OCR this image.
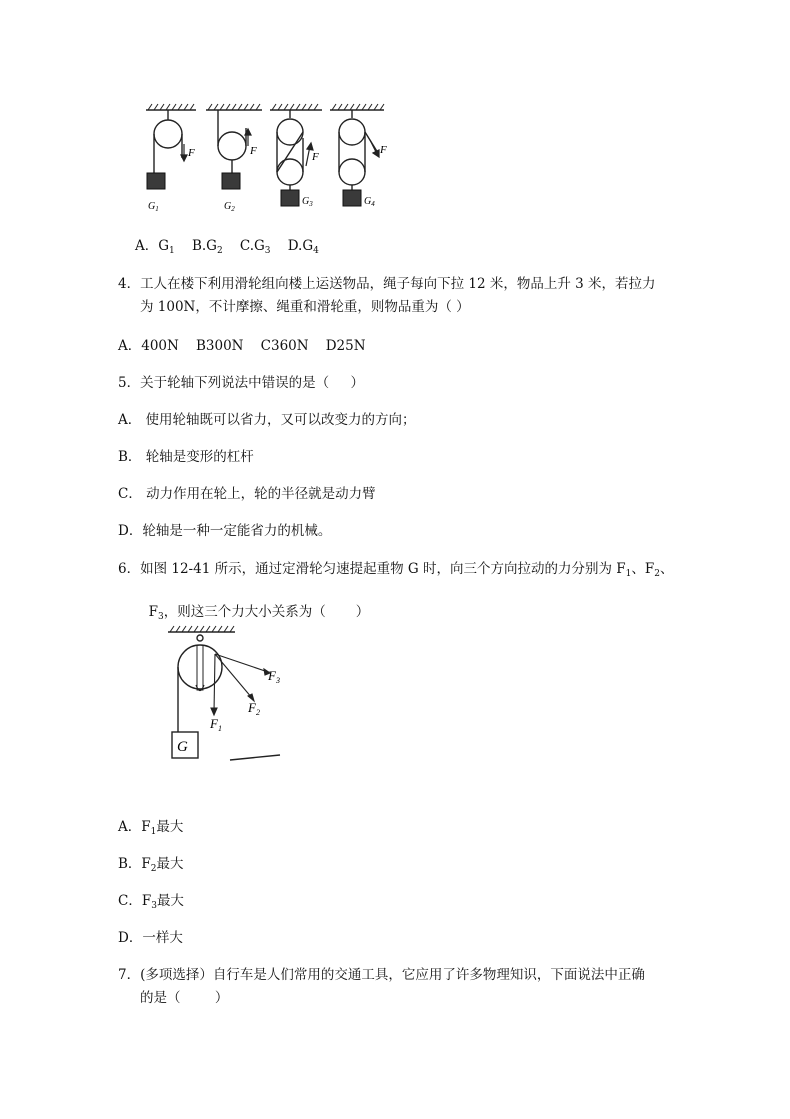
F	F	F
F
$G_1$	$G_2$
$G_3$	$G_4$
A．$G_1$ $B.G_2$ $C.G_3$ $D.G_4$
4．工人在楼下利用滑轮组向楼上运送物品，绳子每向下拉 12 米，物品上升 3 米，若拉力
为 100N，不计摩擦、绳重和滑轮重，则物品重为（ ）
A．400N    B300N    C360N    D25N
5．关于轮轴下列说法中错误的是（     ）
A． 使用轮轴既可以省力，又可以改变力的方向；
B． 轮轴是变形的杠杆
C． 动力作用在轮上，轮的半径就是动力臂
D．轮轴是一种一定能省力的机械。
6．如图 12-41 所示，通过定滑轮匀速提起重物 G 时，向三个方向拉动的力分别为 $F_1$、$F_2$、

$F_3$，则这三个力大小关系为（       ）

G
$F_1$
$F_2$
$F_3$
A．$F_1$最大
B．$F_2$最大
C．$F_3$最大
D．一样大
7．(多项选择）自行车是人们常用的交通工具，它应用了许多物理知识，下面说法中正确
的是（        ）
